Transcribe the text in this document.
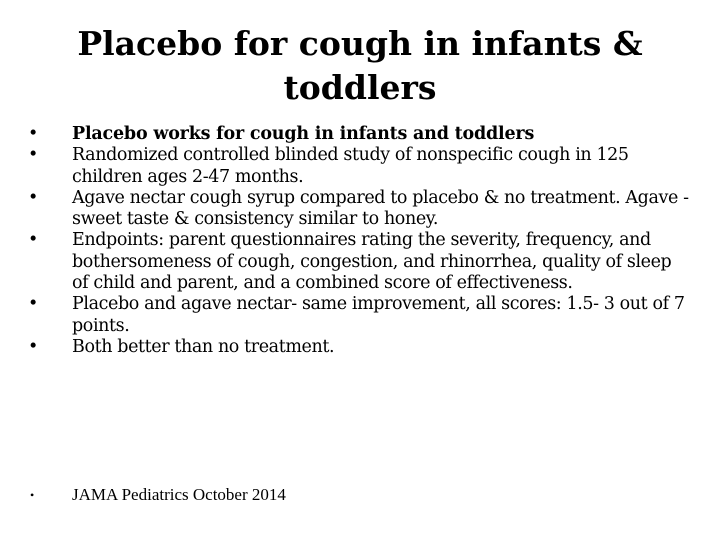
Placebo for cough in infants &
toddlers
• Placebo works for cough in infants and toddlers
• Randomized controlled blinded study of nonspecific cough in 125 children ages 2-47 months.
• Agave nectar cough syrup compared to placebo & no treatment. Agave - sweet taste & consistency similar to honey.
• Endpoints: parent questionnaires rating the severity, frequency, and bothersomeness of cough, congestion, and rhinorrhea, quality of sleep of child and parent, and a combined score of effectiveness.
• Placebo and agave nectar- same improvement, all scores: 1.5- 3 out of 7 points.
• Both better than no treatment.
• JAMA Pediatrics October 2014
